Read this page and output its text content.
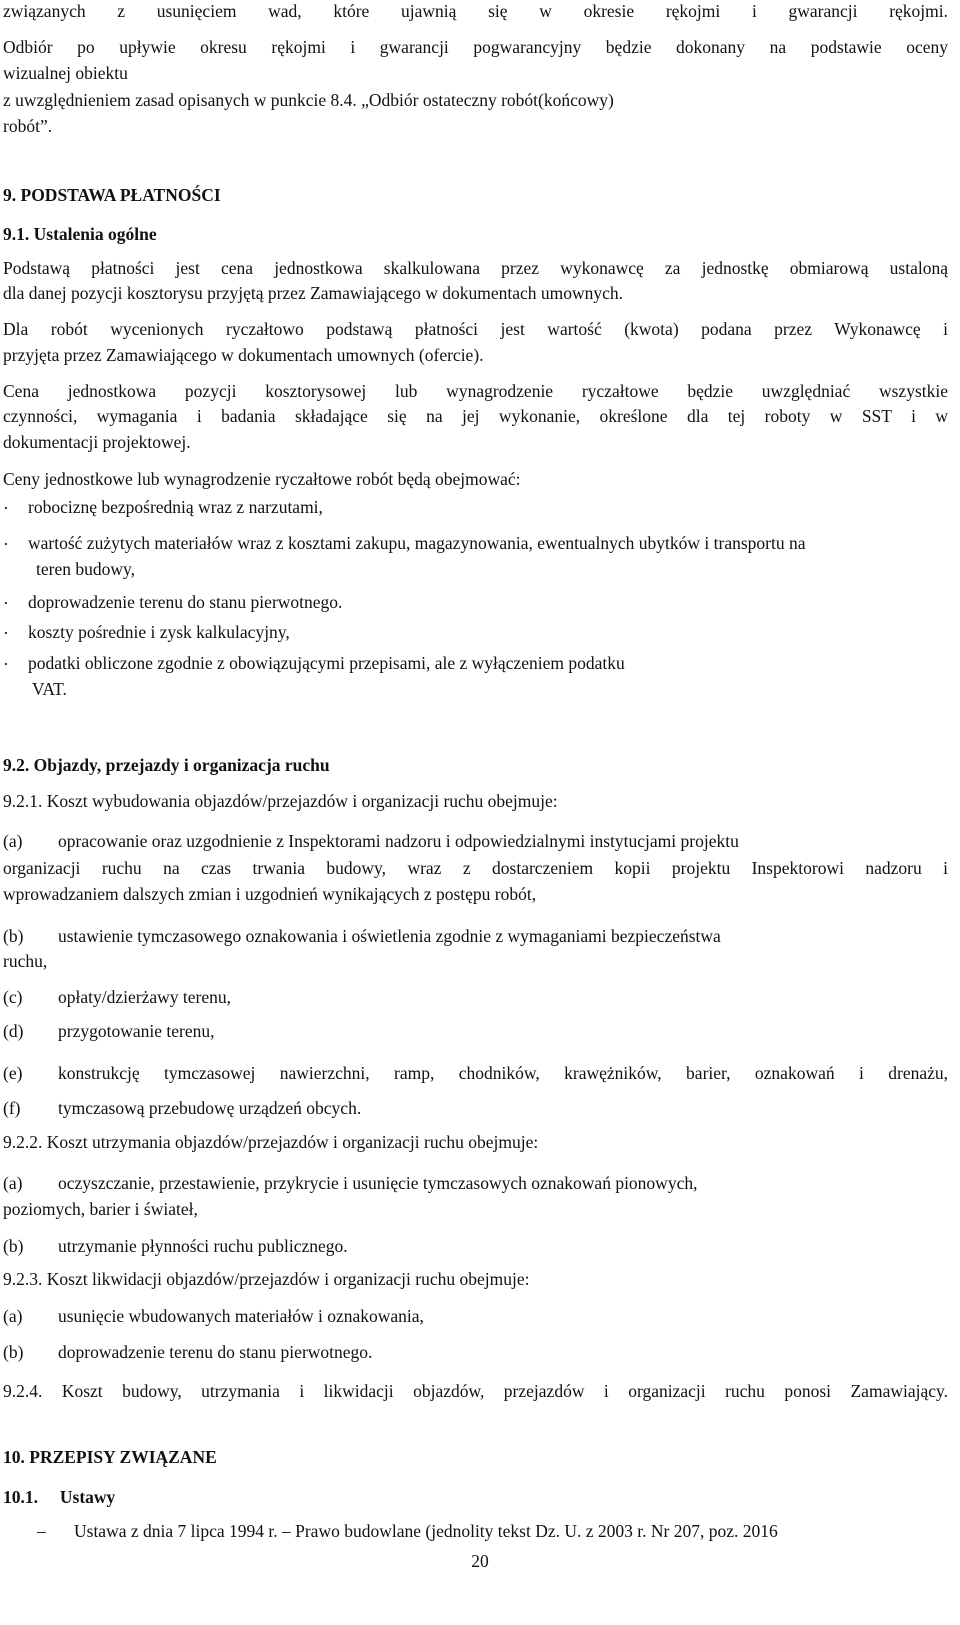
związanych z usunięciem wad, które ujawnią się w okresie rękojmi i gwarancji rękojmi.
Odbiór po upływie okresu rękojmi i gwarancji pogwarancyjny będzie dokonany na podstawie oceny
wizualnej obiektu
z uwzględnieniem zasad opisanych w punkcie 8.4. „Odbiór ostateczny robót(końcowy)
robót”.
9. PODSTAWA PŁATNOŚCI
9.1. Ustalenia ogólne
Podstawą płatności jest cena jednostkowa skalkulowana przez wykonawcę za jednostkę obmiarową ustaloną
dla danej pozycji kosztorysu przyjętą przez Zamawiającego w dokumentach umownych.
Dla robót wycenionych ryczałtowo podstawą płatności jest wartość (kwota) podana przez Wykonawcę i
przyjęta przez Zamawiającego w dokumentach umownych (ofercie).
Cena jednostkowa pozycji kosztorysowej lub wynagrodzenie ryczałtowe będzie uwzględniać wszystkie
czynności, wymagania i badania składające się na jej wykonanie, określone dla tej roboty w SST i w
dokumentacji projektowej.
Ceny jednostkowe lub wynagrodzenie ryczałtowe robót będą obejmować:
· robociznę bezpośrednią wraz z narzutami,
· wartość zużytych materiałów wraz z kosztami zakupu, magazynowania, ewentualnych ubytków i transportu na
teren budowy,
· doprowadzenie terenu do stanu pierwotnego.
· koszty pośrednie i zysk kalkulacyjny,
· podatki obliczone zgodnie z obowiązującymi przepisami, ale z wyłączeniem podatku
VAT.
9.2. Objazdy, przejazdy i organizacja ruchu
9.2.1. Koszt wybudowania objazdów/przejazdów i organizacji ruchu obejmuje:
(a) opracowanie oraz uzgodnienie z Inspektorami nadzoru i odpowiedzialnymi instytucjami projektu
organizacji ruchu na czas trwania budowy, wraz z dostarczeniem kopii projektu Inspektorowi nadzoru i
wprowadzaniem dalszych zmian i uzgodnień wynikających z postępu robót,
(b) ustawienie tymczasowego oznakowania i oświetlenia zgodnie z wymaganiami bezpieczeństwa
ruchu,
(c) opłaty/dzierżawy terenu,
(d) przygotowanie terenu,
(e) konstrukcję tymczasowej nawierzchni, ramp, chodników, krawężników, barier, oznakowań i drenażu,
(f) tymczasową przebudowę urządzeń obcych.
9.2.2. Koszt utrzymania objazdów/przejazdów i organizacji ruchu obejmuje:
(a) oczyszczanie, przestawienie, przykrycie i usunięcie tymczasowych oznakowań pionowych,
poziomych, barier i świateł,
(b) utrzymanie płynności ruchu publicznego.
9.2.3. Koszt likwidacji objazdów/przejazdów i organizacji ruchu obejmuje:
(a) usunięcie wbudowanych materiałów i oznakowania,
(b) doprowadzenie terenu do stanu pierwotnego.
9.2.4. Koszt budowy, utrzymania i likwidacji objazdów, przejazdów i organizacji ruchu ponosi Zamawiający.
10. PRZEPISY ZWIĄZANE
10.1.     Ustawy
– Ustawa z dnia 7 lipca 1994 r. – Prawo budowlane (jednolity tekst Dz. U. z 2003 r. Nr 207, poz. 2016
20
